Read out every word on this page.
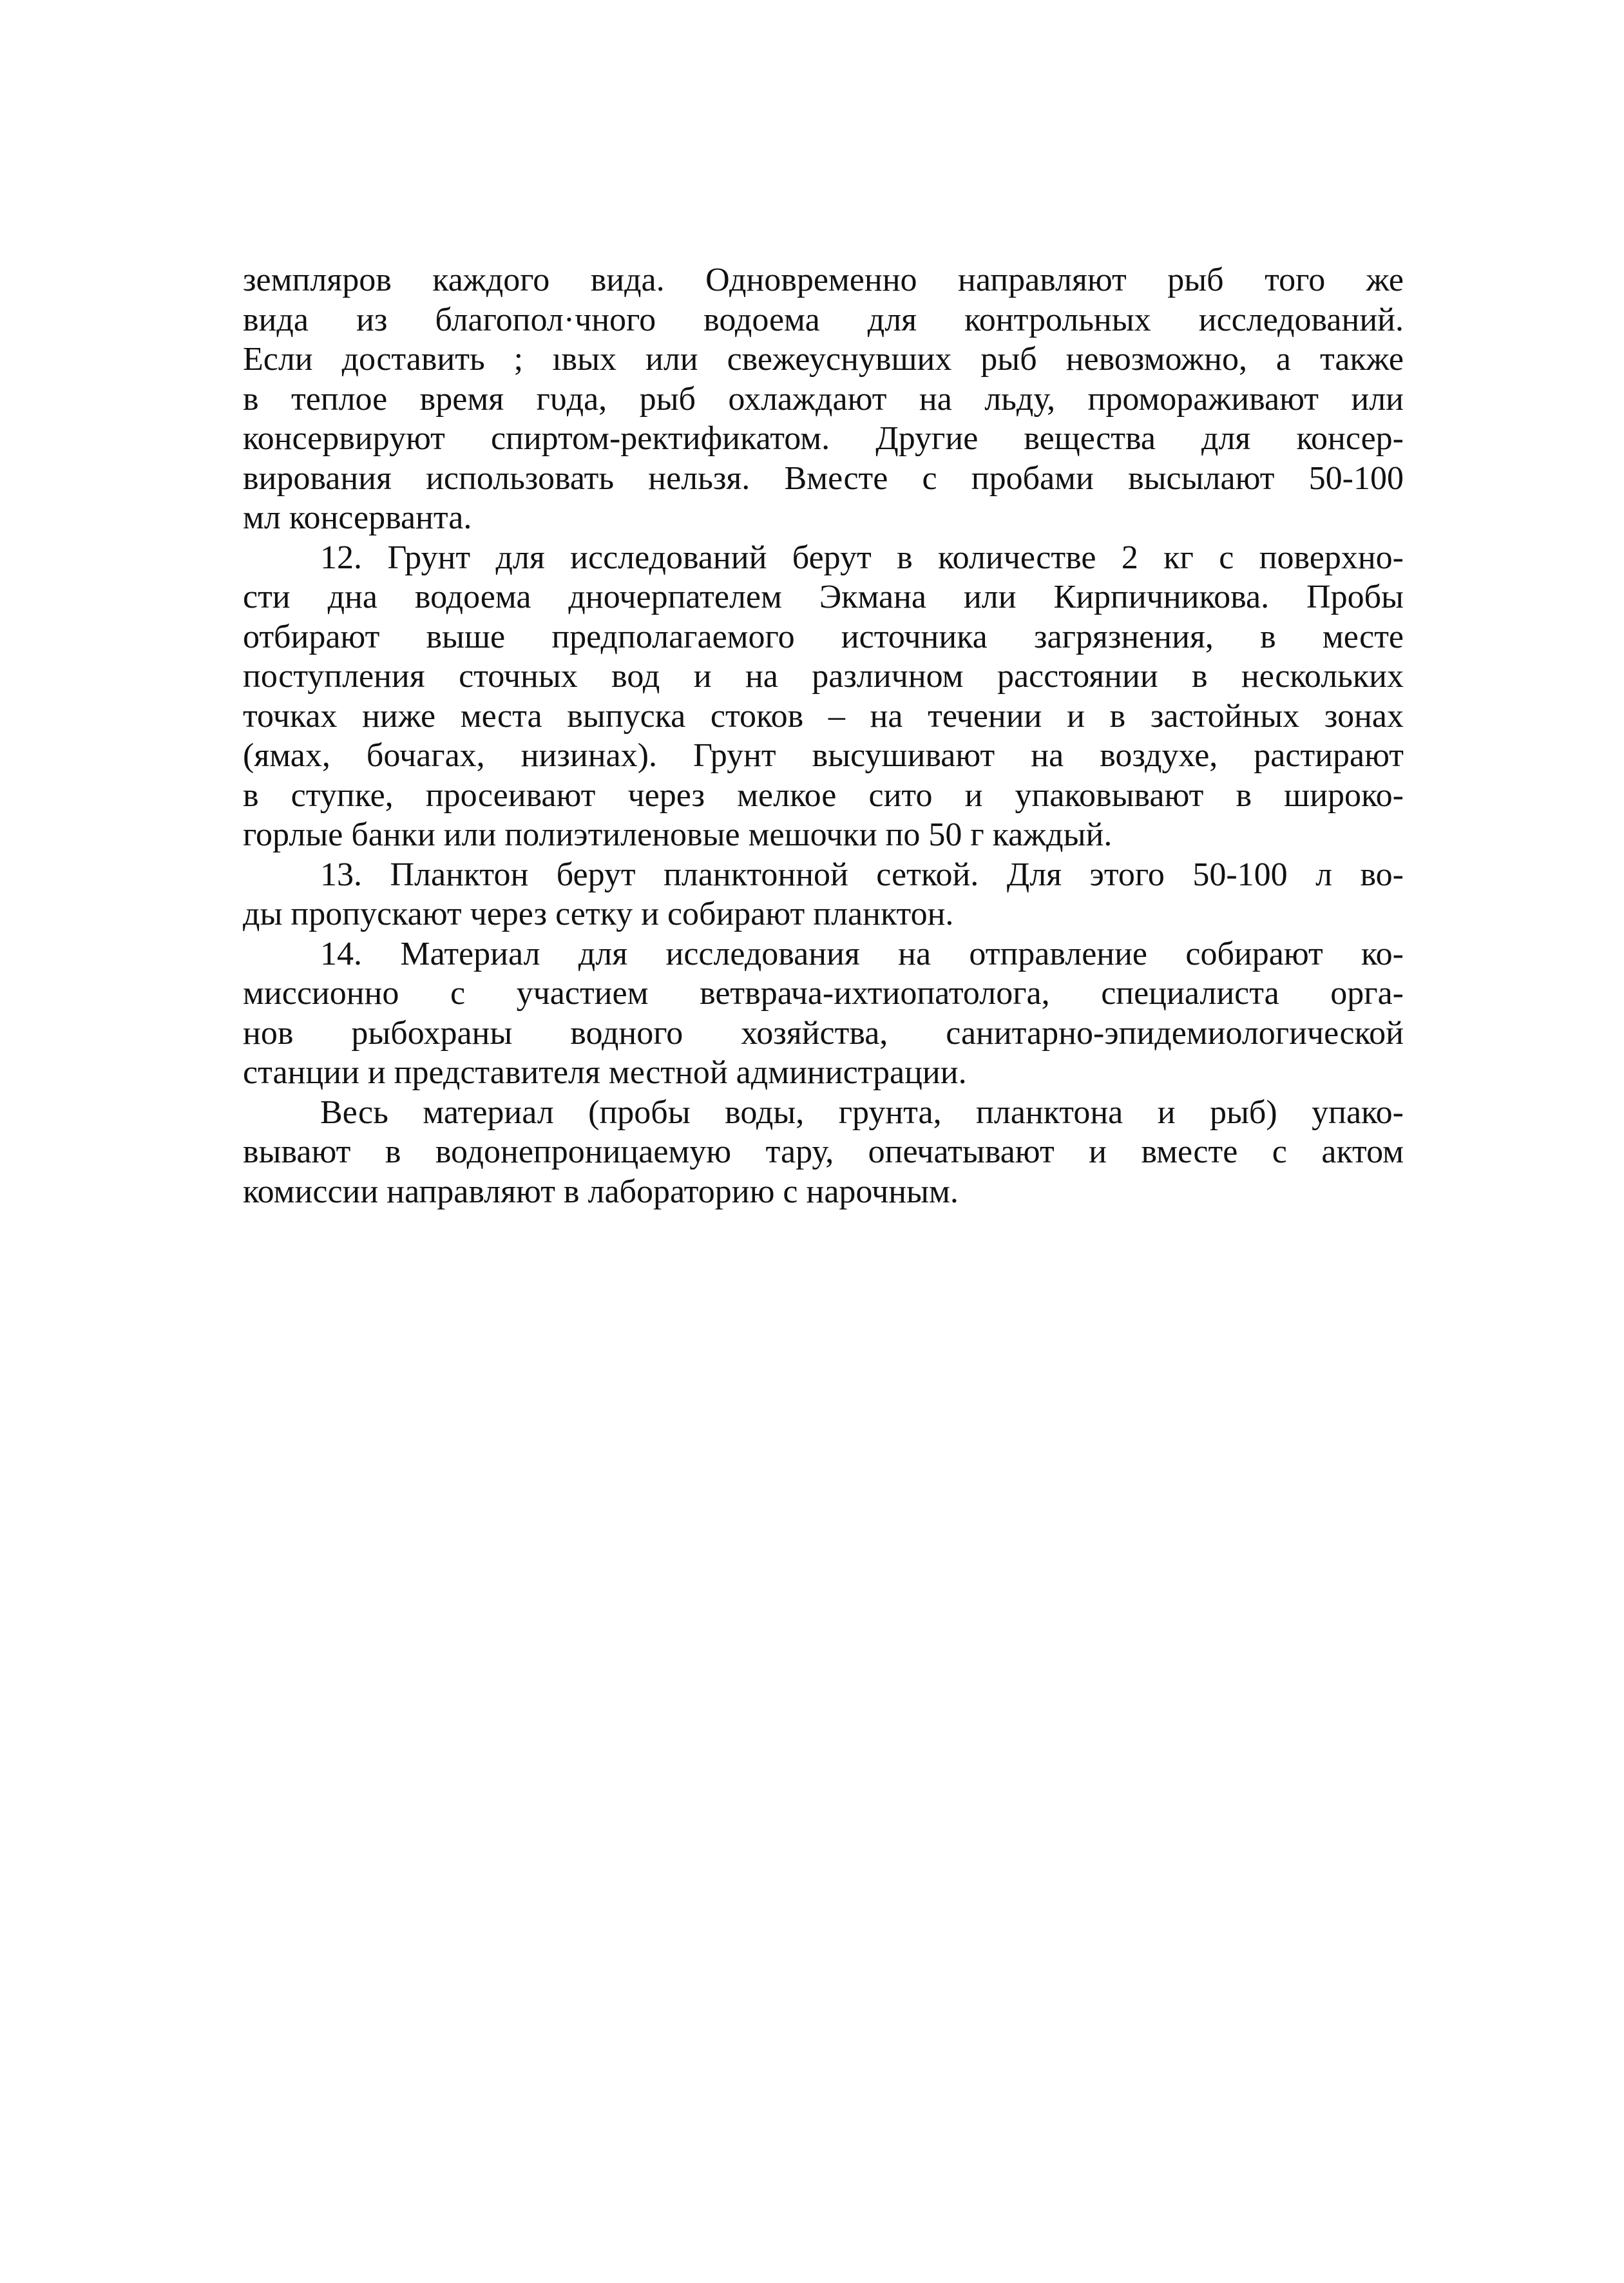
земпляров каждого вида. Одновременно направляют рыб того же
вида из благопол·чного водоема для контрольных исследований.
Если доставить ; ıвых или свежеуснувших рыб невозможно, а также
в теплое время гυда, рыб охлаждают на льду, промораживают или
консервируют спиртом-ректификатом. Другие вещества для консер-
вирования использовать нельзя. Вместе с пробами высылают 50-100
мл консерванта.
12. Грунт для исследований берут в количестве 2 кг с поверхно-
сти дна водоема дночерпателем Экмана или Кирпичникова. Пробы
отбирают выше предполагаемого источника загрязнения, в месте
поступления сточных вод и на различном расстоянии в нескольких
точках ниже места выпуска стоков – на течении и в застойных зонах
(ямах, бочагах, низинах). Грунт высушивают на воздухе, растирают
в ступке, просеивают через мелкое сито и упаковывают в широко-
горлые банки или полиэтиленовые мешочки по 50 г каждый.
13. Планктон берут планктонной сеткой. Для этого 50-100 л во-
ды пропускают через сетку и собирают планктон.
14. Материал для исследования на отправление собирают ко-
миссионно с участием ветврача-ихтиопатолога, специалиста орга-
нов рыбохраны водного хозяйства, санитарно-эпидемиологической
станции и представителя местной администрации.
Весь материал (пробы воды, грунта, планктона и рыб) упако-
вывают в водонепроницаемую тару, опечатывают и вместе с актом
комиссии направляют в лабораторию с нарочным.
